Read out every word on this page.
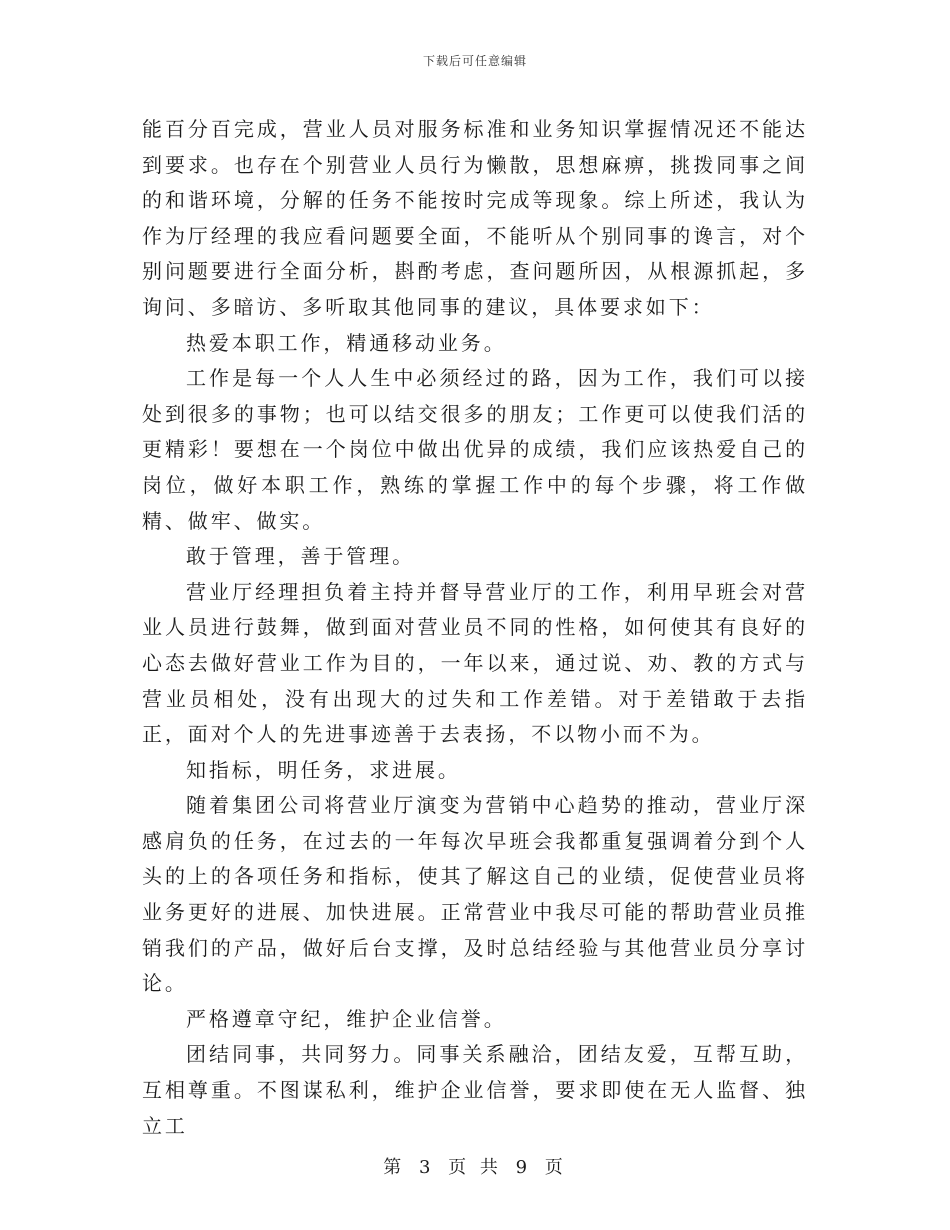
下载后可任意编辑

能百分百完成，营业人员对服务标准和业务知识掌握情况还不能达到要求。也存在个别营业人员行为懒散，思想麻痹，挑拨同事之间的和谐环境，分解的任务不能按时完成等现象。综上所述，我认为作为厅经理的我应看问题要全面，不能听从个别同事的谗言，对个别问题要进行全面分析，斟酌考虑，查问题所因，从根源抓起，多询问、多暗访、多听取其他同事的建议，具体要求如下：

热爱本职工作，精通移动业务。

工作是每一个人人生中必须经过的路，因为工作，我们可以接处到很多的事物；也可以结交很多的朋友；工作更可以使我们活的更精彩！要想在一个岗位中做出优异的成绩，我们应该热爱自己的岗位，做好本职工作，熟练的掌握工作中的每个步骤，将工作做精、做牢、做实。

敢于管理，善于管理。

营业厅经理担负着主持并督导营业厅的工作，利用早班会对营业人员进行鼓舞，做到面对营业员不同的性格，如何使其有良好的心态去做好营业工作为目的，一年以来，通过说、劝、教的方式与营业员相处，没有出现大的过失和工作差错。对于差错敢于去指正，面对个人的先进事迹善于去表扬，不以物小而不为。

知指标，明任务，求进展。

随着集团公司将营业厅演变为营销中心趋势的推动，营业厅深感肩负的任务，在过去的一年每次早班会我都重复强调着分到个人头的上的各项任务和指标，使其了解这自己的业绩，促使营业员将业务更好的进展、加快进展。正常营业中我尽可能的帮助营业员推销我们的产品，做好后台支撑，及时总结经验与其他营业员分享讨论。

严格遵章守纪，维护企业信誉。

团结同事，共同努力。同事关系融洽，团结友爱，互帮互助，互相尊重。不图谋私利，维护企业信誉，要求即使在无人监督、独立工

第 3 页 共 9 页
